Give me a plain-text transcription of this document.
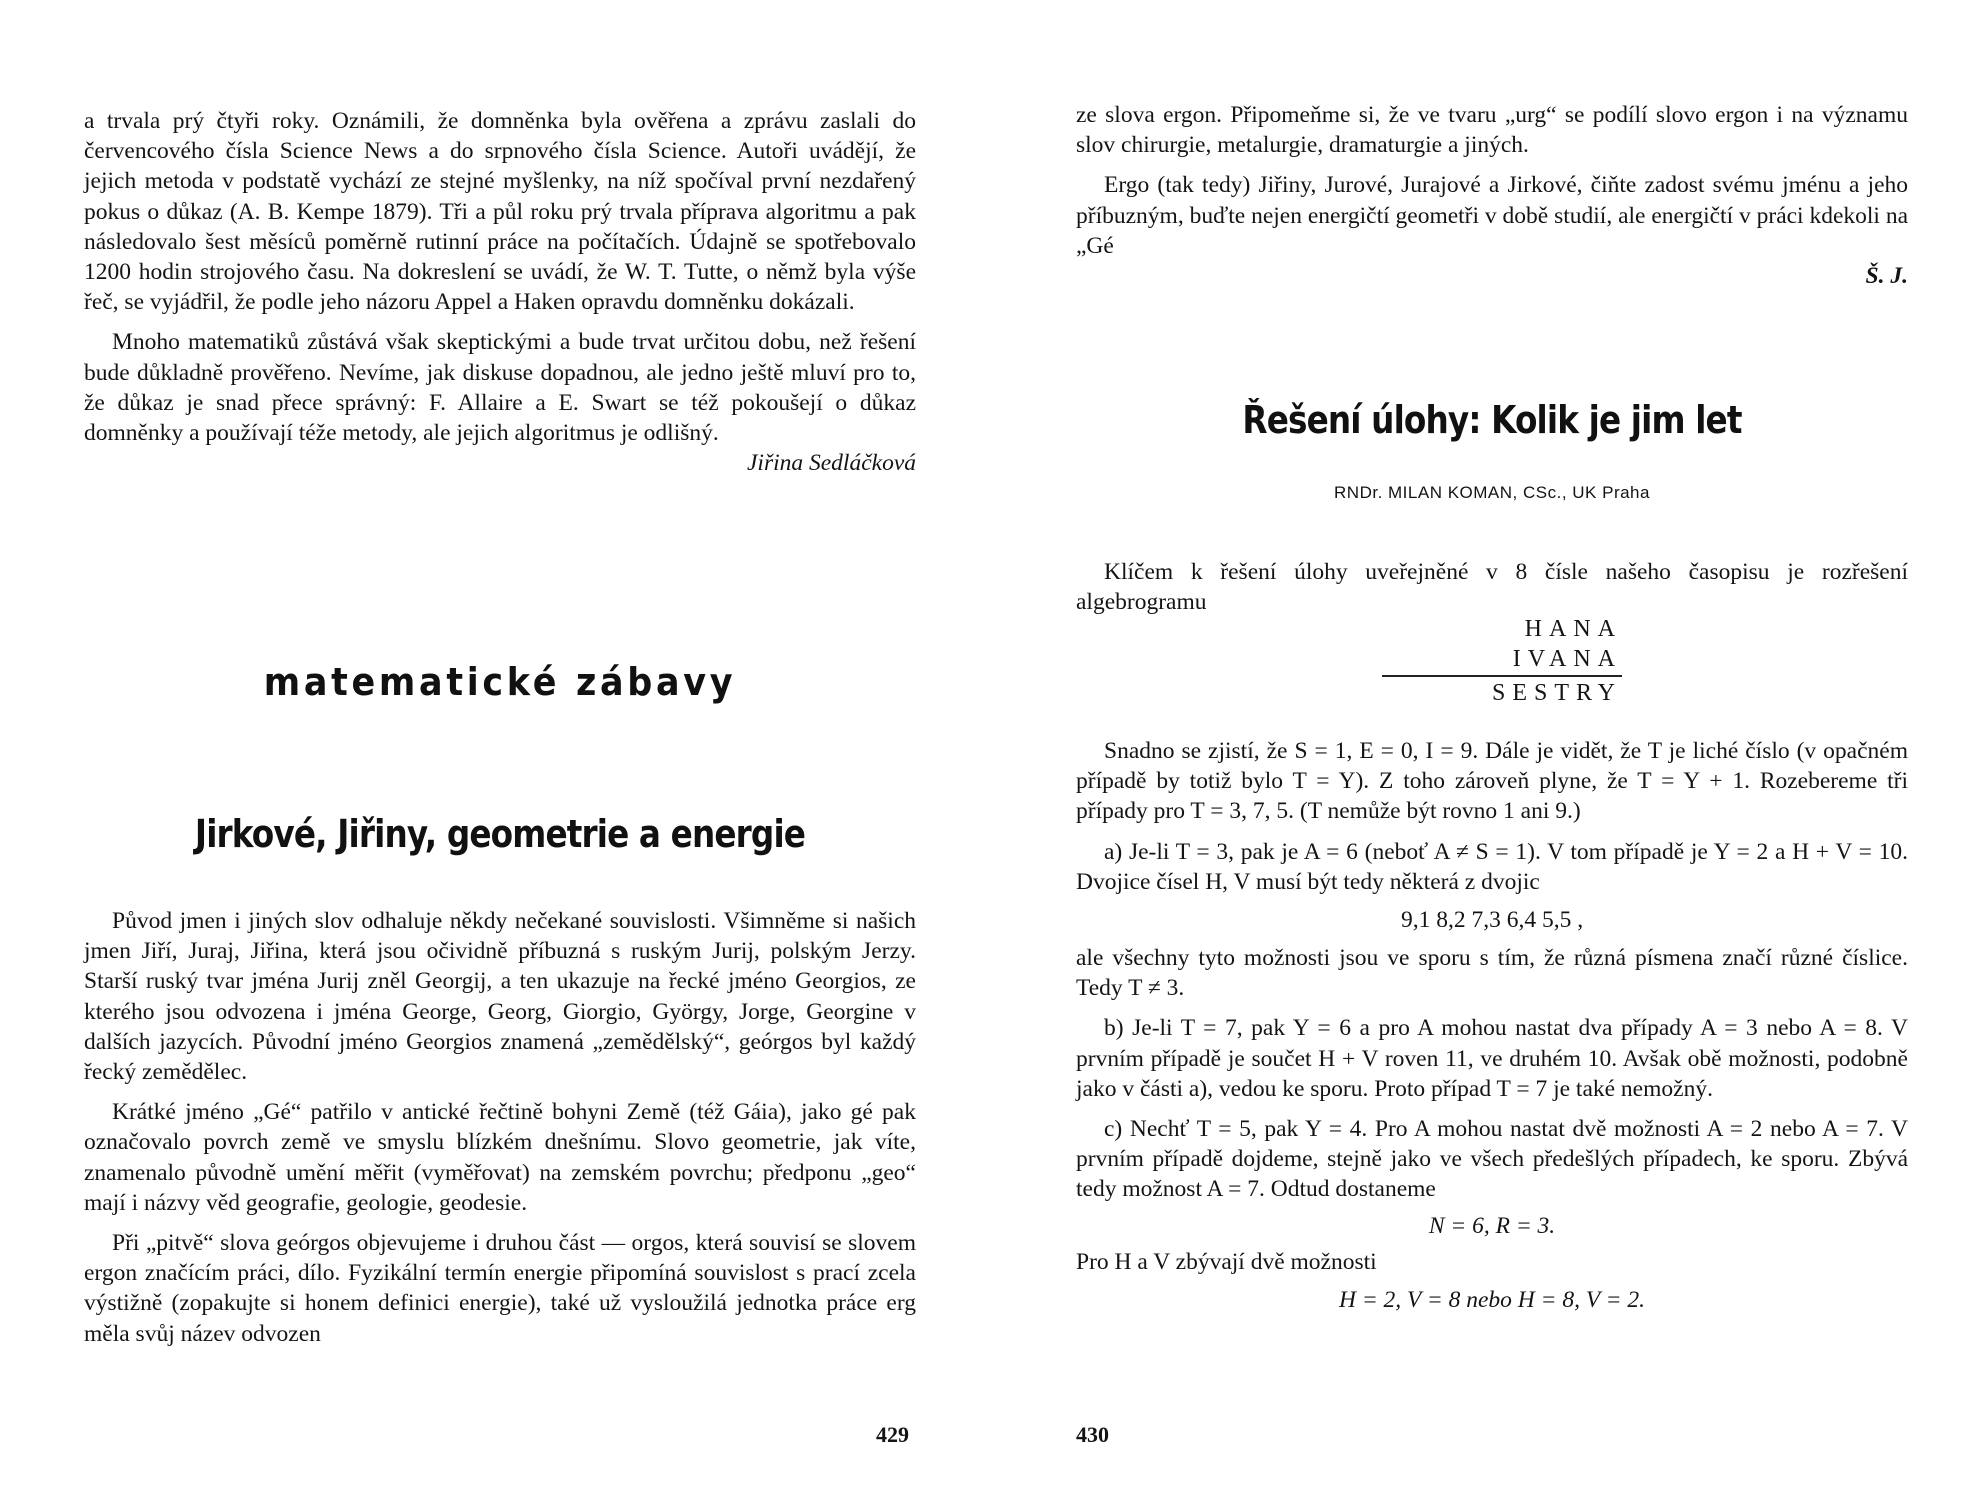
a trvala prý čtyři roky. Oznámili, že domněnka byla ověřena a zprávu zaslali do červencového čísla Science News a do srpnového čísla Science. Autoři uvádějí, že jejich metoda v podstatě vychází ze stejné myšlenky, na níž spočíval první nezdařený pokus o důkaz (A. B. Kempe 1879). Tři a půl roku prý trvala příprava algoritmu a pak následovalo šest měsíců poměrně rutinní práce na počítačích. Údajně se spotřebovalo 1200 hodin strojového času. Na dokreslení se uvádí, že W. T. Tutte, o němž byla výše řeč, se vyjádřil, že podle jeho názoru Appel a Haken opravdu domněnku dokázali.

Mnoho matematiků zůstává však skeptickými a bude trvat určitou dobu, než řešení bude důkladně prověřeno. Nevíme, jak diskuse dopadnou, ale jedno ještě mluví pro to, že důkaz je snad přece správný: F. Allaire a E. Swart se též pokoušejí o důkaz domněnky a používají téže metody, ale jejich algoritmus je odlišný.

Jiřina Sedláčková
matematické zábavy
Jirkové, Jiřiny, geometrie a energie

Původ jmen i jiných slov odhaluje někdy nečekané souvislosti. Všimněme si našich jmen Jiří, Juraj, Jiřina, která jsou očividně příbuzná s ruským Jurij, polským Jerzy. Starší ruský tvar jména Jurij zněl Georgij, a ten ukazuje na řecké jméno Georgios, ze kterého jsou odvozena i jména George, Georg, Giorgio, György, Jorge, Georgine v dalších jazycích. Původní jméno Georgios znamená „zemědělský“, geórgos byl každý řecký zemědělec.

Krátké jméno „Gé“ patřilo v antické řečtině bohyni Země (též Gáia), jako gé pak označovalo povrch země ve smyslu blízkém dnešnímu. Slovo geometrie, jak víte, znamenalo původně umění měřit (vyměřovat) na zemském povrchu; předponu „geo“ mají i názvy věd geografie, geologie, geodesie.

Při „pitvě“ slova geórgos objevujeme i druhou část — orgos, která souvisí se slovem ergon značícím práci, dílo. Fyzikální termín energie připomíná souvislost s prací zcela výstižně (zopakujte si honem definici energie), také už vysloužilá jednotka práce erg měla svůj název odvozen

429

ze slova ergon. Připomeňme si, že ve tvaru „urg“ se podílí slovo ergon i na významu slov chirurgie, metalurgie, dramaturgie a jiných.

Ergo (tak tedy) Jiřiny, Jurové, Jurajové a Jirkové, čiňte zadost svému jménu a jeho příbuzným, buďte nejen energičtí geometři v době studií, ale energičtí v práci kdekoli na „Gé

Š. J.
Řešení úlohy: Kolik je jim let
RNDr. MILAN KOMAN, CSc., UK Praha

Klíčem k řešení úlohy uveřejněné v 8 čísle našeho časopisu je rozřešení algebrogramu

HANA
IVANA
SESTRY

Snadno se zjistí, že S = 1, E = 0, I = 9. Dále je vidět, že T je liché číslo (v opačném případě by totiž bylo T = Y). Z toho zároveň plyne, že T = Y + 1. Rozebereme tři případy pro T = 3, 7, 5. (T nemůže být rovno 1 ani 9.)

a) Je-li T = 3, pak je A = 6 (neboť A ≠ S = 1). V tom případě je Y = 2 a H + V = 10. Dvojice čísel H, V musí být tedy některá z dvojic

9,1 8,2 7,3 6,4 5,5 ,

ale všechny tyto možnosti jsou ve sporu s tím, že různá písmena značí různé číslice. Tedy T ≠ 3.

b) Je-li T = 7, pak Y = 6 a pro A mohou nastat dva případy A = 3 nebo A = 8. V prvním případě je součet H + V roven 11, ve druhém 10. Avšak obě možnosti, podobně jako v části a), vedou ke sporu. Proto případ T = 7 je také nemožný.

c) Nechť T = 5, pak Y = 4. Pro A mohou nastat dvě možnosti A = 2 nebo A = 7. V prvním případě dojdeme, stejně jako ve všech předešlých případech, ke sporu. Zbývá tedy možnost A = 7. Odtud dostaneme

N = 6, R = 3.

Pro H a V zbývají dvě možnosti

H = 2, V = 8 nebo H = 8, V = 2.
430
